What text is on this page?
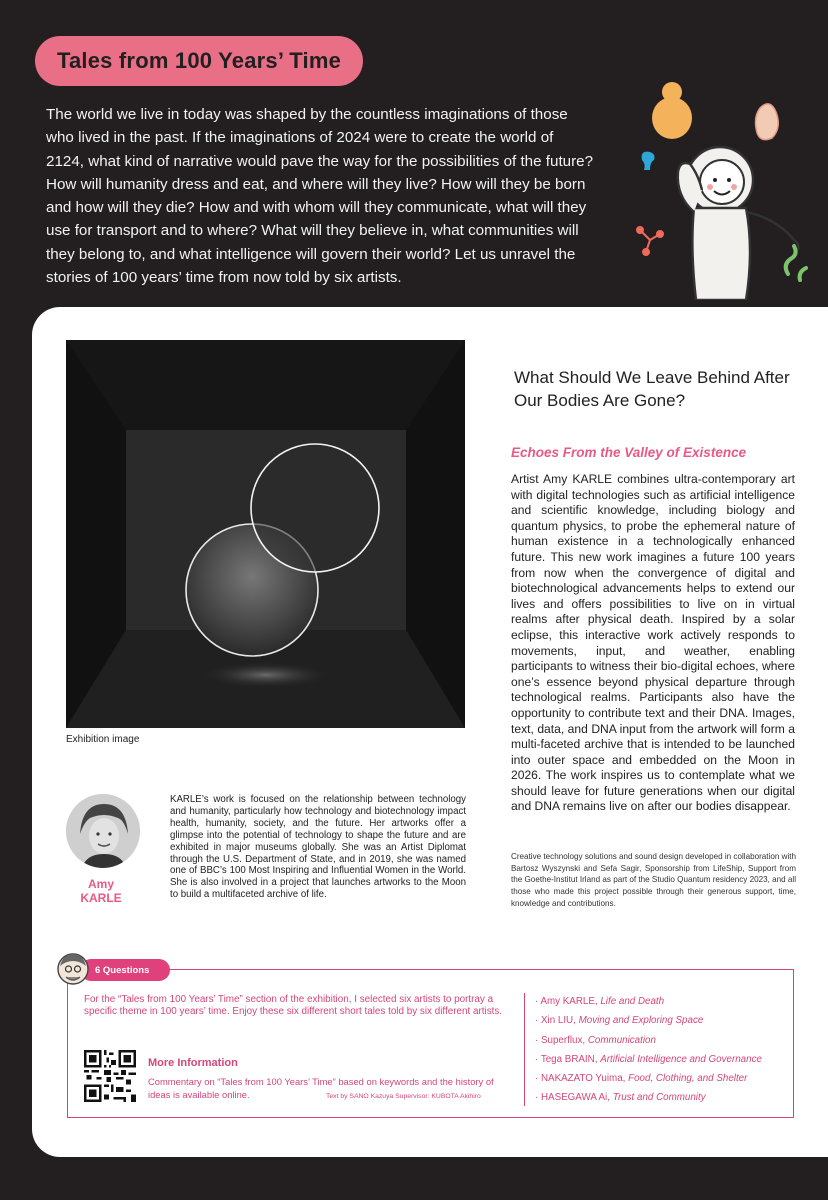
Tales from 100 Years’ Time

The world we live in today was shaped by the countless imaginations of those who lived in the past. If the imaginations of 2024 were to create the world of 2124, what kind of narrative would pave the way for the possibilities of the future? How will humanity dress and eat, and where will they live? How will they be born and how will they die? How and with whom will they communicate, what will they use for transport and to where? What will they believe in, what communities will they belong to, and what intelligence will govern their world? Let us unravel the stories of 100 years’ time from now told by six artists.

Exhibition image
What Should We Leave Behind After Our Bodies Are Gone?
Echoes From the Valley of Existence

Artist Amy KARLE combines ultra-contemporary art with digital technologies such as artificial intelligence and scientific knowledge, including biology and quantum physics, to probe the ephemeral nature of human existence in a technologically enhanced future. This new work imagines a future 100 years from now when the convergence of digital and biotechnological advancements helps to extend our lives and offers possibilities to live on in virtual realms after physical death. Inspired by a solar eclipse, this interactive work actively responds to movements, input, and weather, enabling participants to witness their bio-digital echoes, where one’s essence beyond physical departure through technological realms. Participants also have the opportunity to contribute text and their DNA. Images, text, data, and DNA input from the artwork will form a multi-faceted archive that is intended to be launched into outer space and embedded on the Moon in 2026. The work inspires us to contemplate what we should leave for future generations when our digital and DNA remains live on after our bodies disappear.

Creative technology solutions and sound design developed in collaboration with Bartosz Wyszynski and Sefa Sagir, Sponsorship from LifeShip, Support from the Goethe-Institut Irland as part of the Studio Quantum residency 2023, and all those who made this project possible through their generous support, time, knowledge and contributions.

Amy KARLE

KARLE’s work is focused on the relationship between technology and humanity, particularly how technology and biotechnology impact health, humanity, society, and the future. Her artworks offer a glimpse into the potential of technology to shape the future and are exhibited in major museums globally. She was an Artist Diplomat through the U.S. Department of State, and in 2019, she was named one of BBC’s 100 Most Inspiring and Influential Women in the World. She is also involved in a project that launches artworks to the Moon to build a multifaceted archive of life.

6 Questions

For the “Tales from 100 Years’ Time” section of the exhibition, I selected six artists to portray a specific theme in 100 years’ time. Enjoy these six different short tales told by six different artists.

More Information

Commentary on “Tales from 100 Years’ Time” based on keywords and the history of ideas is available online.	Text by SANO Kazuya Supervisor: KUBOTA Akihiro
· Amy KARLE, Life and Death
· Xin LIU, Moving and Exploring Space
· Superflux, Communication
· Tega BRAIN, Artificial Intelligence and Governance
· NAKAZATO Yuima, Food, Clothing, and Shelter
· HASEGAWA Ai, Trust and Community
